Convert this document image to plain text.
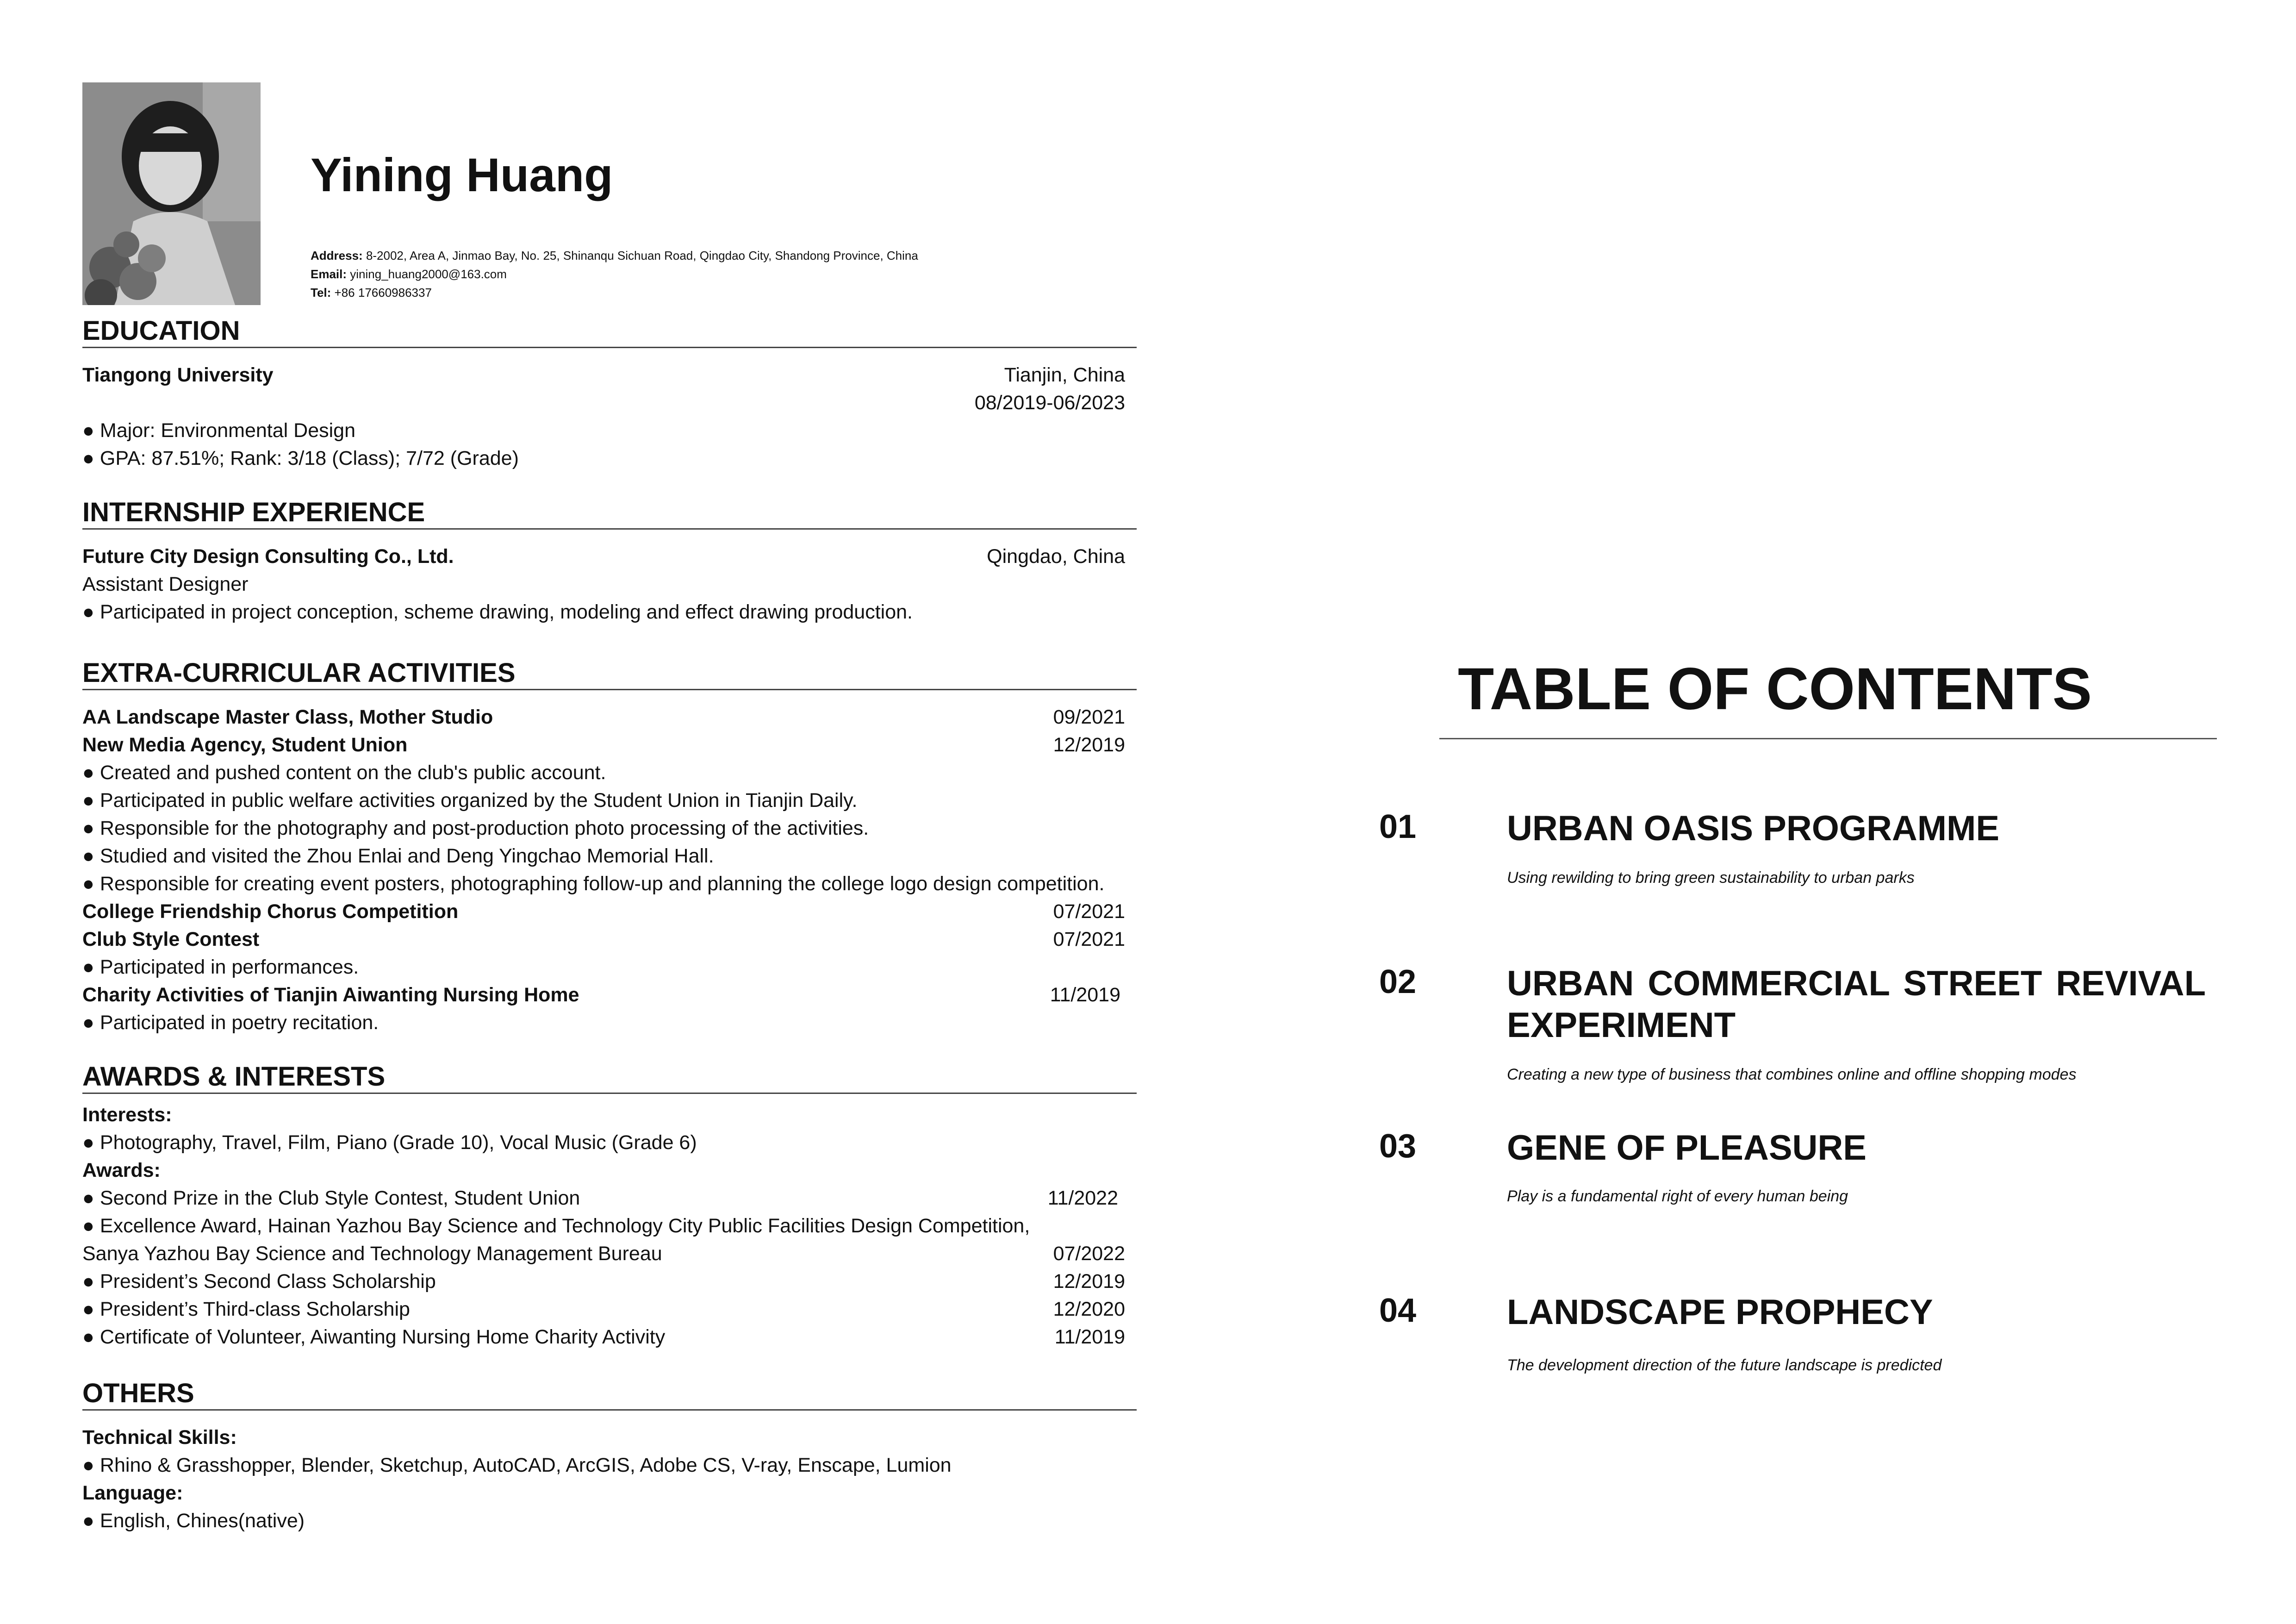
Yining Huang
Address: 8-2002, Area A, Jinmao Bay, No. 25, Shinanqu Sichuan Road, Qingdao City, Shandong Province, China
Email: yining_huang2000@163.com
Tel: +86 17660986337
EDUCATION
Tiangong University	Tianjin, China
08/2019-06/2023
● Major: Environmental Design
● GPA: 87.51%; Rank: 3/18 (Class); 7/72 (Grade)
INTERNSHIP EXPERIENCE
Future City Design Consulting Co., Ltd.	Qingdao, China
Assistant Designer
● Participated in project conception, scheme drawing, modeling and effect drawing production.
EXTRA-CURRICULAR ACTIVITIES
AA Landscape Master Class, Mother Studio	09/2021
New Media Agency, Student Union	12/2019
● Created and pushed content on the club's public account.
● Participated in public welfare activities organized by the Student Union in Tianjin Daily.
● Responsible for the photography and post-production photo processing of the activities.
● Studied and visited the Zhou Enlai and Deng Yingchao Memorial Hall.
● Responsible for creating event posters, photographing follow-up and planning the college logo design competition.
College Friendship Chorus Competition	07/2021
Club Style Contest	07/2021
● Participated in performances.
Charity Activities of Tianjin Aiwanting Nursing Home	11/2019
● Participated in poetry recitation.
AWARDS & INTERESTS
Interests:
● Photography, Travel, Film, Piano (Grade 10), Vocal Music (Grade 6)
Awards:
● Second Prize in the Club Style Contest, Student Union	11/2022
● Excellence Award, Hainan Yazhou Bay Science and Technology City Public Facilities Design Competition,
Sanya Yazhou Bay Science and Technology Management Bureau	07/2022
● President’s Second Class Scholarship	12/2019
● President’s Third-class Scholarship	12/2020
● Certificate of Volunteer, Aiwanting Nursing Home Charity Activity	11/2019
OTHERS
Technical Skills:
● Rhino & Grasshopper, Blender, Sketchup, AutoCAD, ArcGIS, Adobe CS, V-ray, Enscape, Lumion
Language:
● English, Chines(native)
TABLE OF CONTENTS
01	URBAN OASIS PROGRAMME
Using rewilding to bring green sustainability to urban parks
02	URBAN COMMERCIAL STREET REVIVAL EXPERIMENT
Creating a new type of business that combines online and offline shopping modes
03	GENE OF PLEASURE
Play is a fundamental right of every human being
04	LANDSCAPE PROPHECY
The development direction of the future landscape is predicted
